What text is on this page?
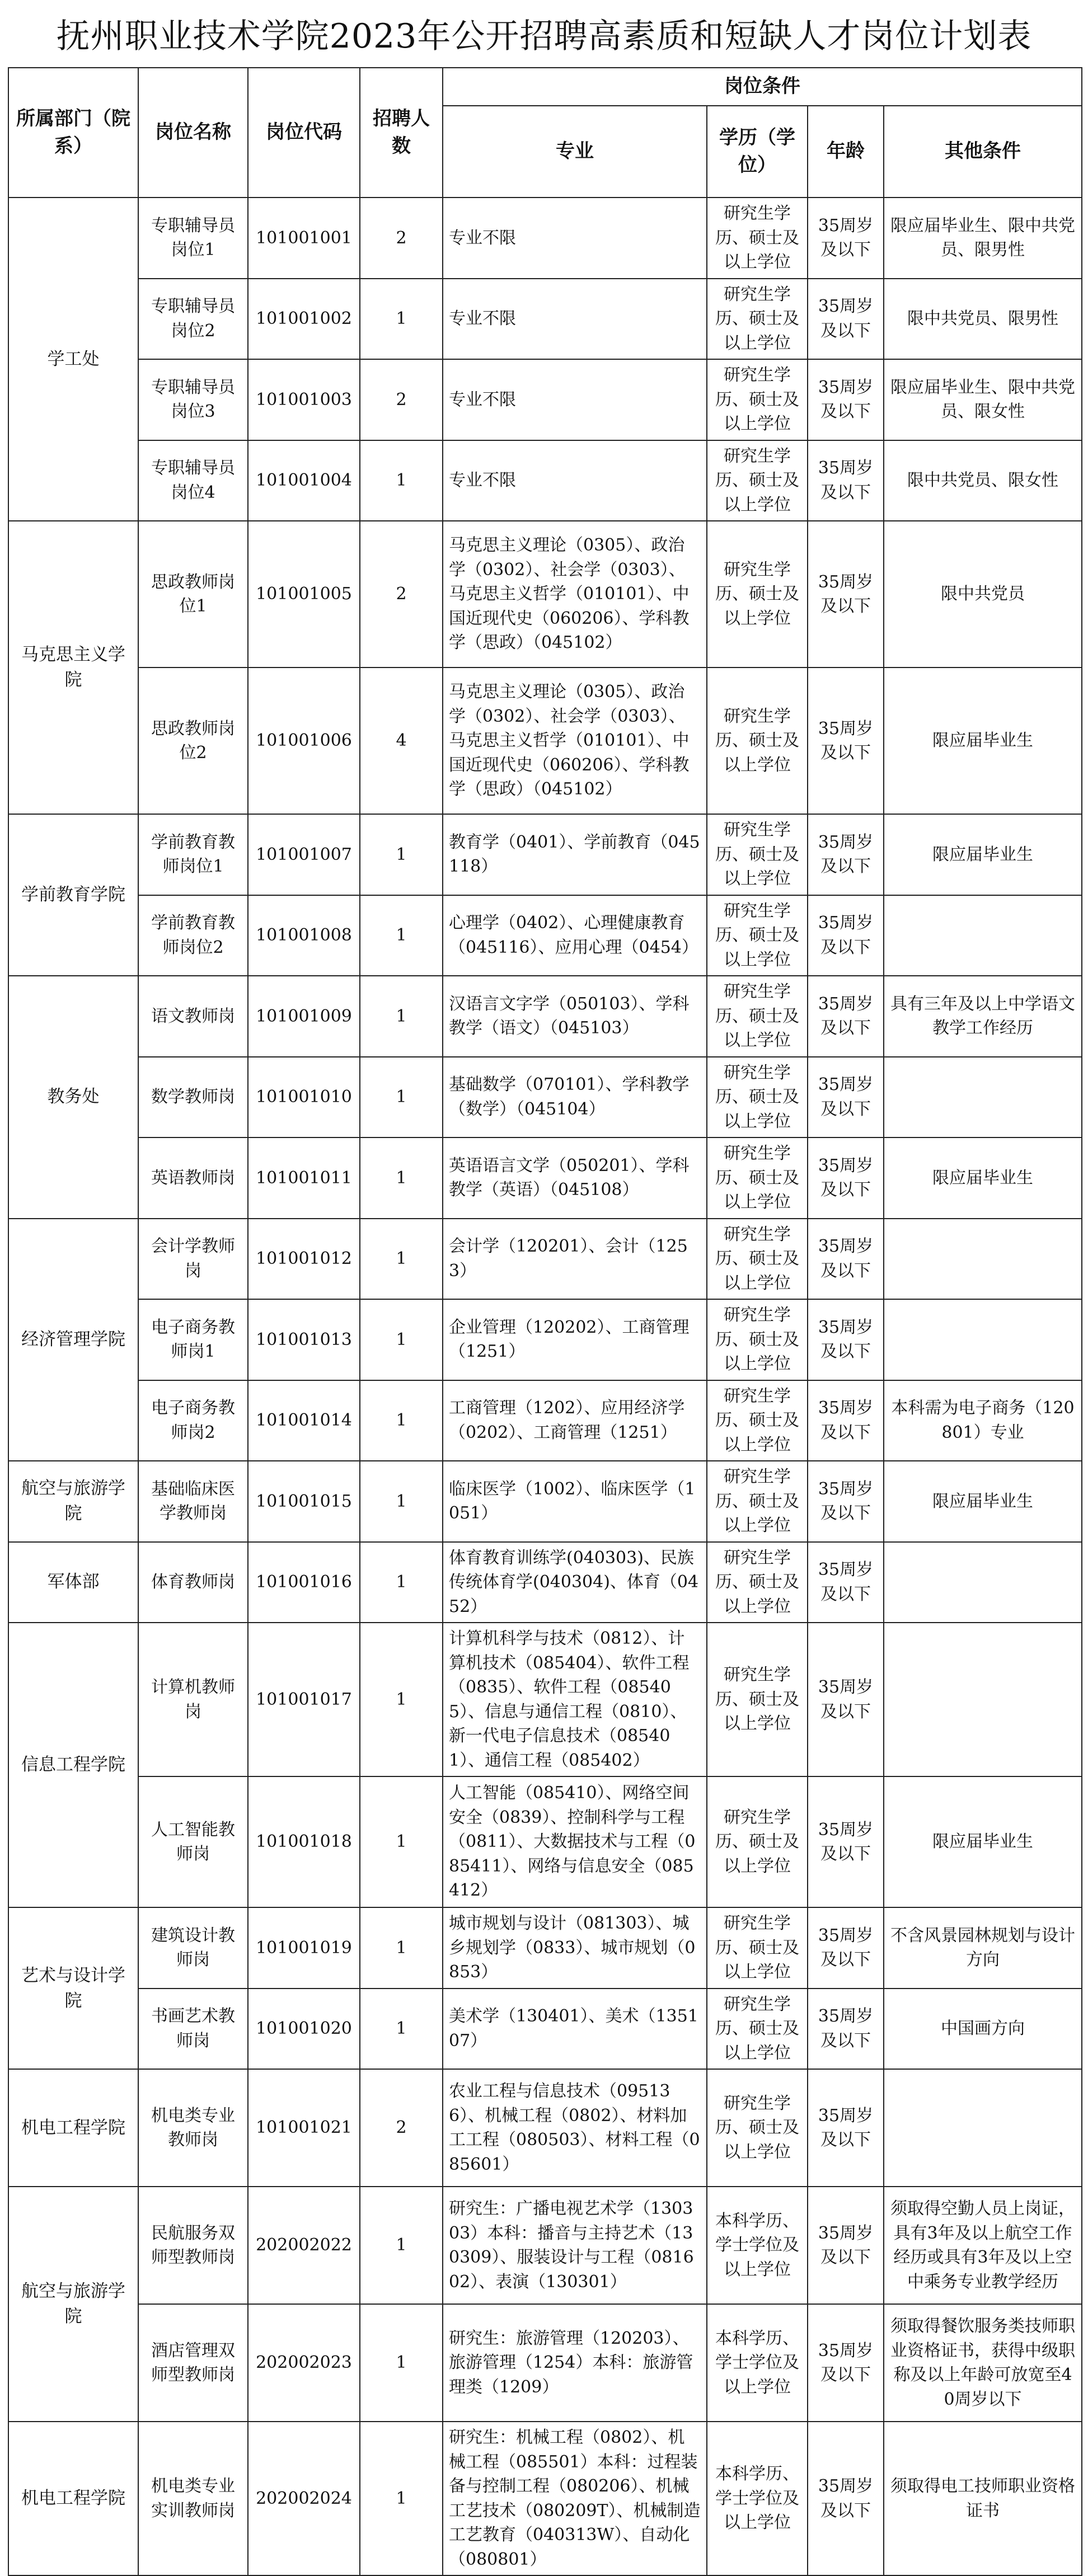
抚州职业技术学院2023年公开招聘高素质和短缺人才岗位计划表
所属部门（院系）	岗位名称	岗位代码	招聘人数	岗位条件			
				专业	学历（学位）	年龄	其他条件
学工处	专职辅导员岗位1	101001001	2	专业不限	研究生学历、硕士及以上学位	35周岁及以下	限应届毕业生、限中共党员、限男性
	专职辅导员岗位2	101001002	1	专业不限	研究生学历、硕士及以上学位	35周岁及以下	限中共党员、限男性
	专职辅导员岗位3	101001003	2	专业不限	研究生学历、硕士及以上学位	35周岁及以下	限应届毕业生、限中共党员、限女性
	专职辅导员岗位4	101001004	1	专业不限	研究生学历、硕士及以上学位	35周岁及以下	限中共党员、限女性
马克思主义学院	思政教师岗位1	101001005	2	马克思主义理论（0305）、政治学（0302）、社会学（0303）、马克思主义哲学（010101）、中国近现代史（060206）、学科教学（思政）（045102）	研究生学历、硕士及以上学位	35周岁及以下	限中共党员
	思政教师岗位2	101001006	4	马克思主义理论（0305）、政治学（0302）、社会学（0303）、马克思主义哲学（010101）、中国近现代史（060206）、学科教学（思政）（045102）	研究生学历、硕士及以上学位	35周岁及以下	限应届毕业生
学前教育学院	学前教育教师岗位1	101001007	1	教育学（0401）、学前教育（045118）	研究生学历、硕士及以上学位	35周岁及以下	限应届毕业生
	学前教育教师岗位2	101001008	1	心理学（0402）、心理健康教育（045116）、应用心理（0454）	研究生学历、硕士及以上学位	35周岁及以下	
教务处	语文教师岗	101001009	1	汉语言文字学（050103）、学科教学（语文）（045103）	研究生学历、硕士及以上学位	35周岁及以下	具有三年及以上中学语文教学工作经历
	数学教师岗	101001010	1	基础数学（070101）、学科教学（数学）（045104）	研究生学历、硕士及以上学位	35周岁及以下	
	英语教师岗	101001011	1	英语语言文学（050201）、学科教学（英语）（045108）	研究生学历、硕士及以上学位	35周岁及以下	限应届毕业生
经济管理学院	会计学教师岗	101001012	1	会计学（120201）、会计（1253）	研究生学历、硕士及以上学位	35周岁及以下	
	电子商务教师岗1	101001013	1	企业管理（120202）、工商管理（1251）	研究生学历、硕士及以上学位	35周岁及以下	
	电子商务教师岗2	101001014	1	工商管理（1202）、应用经济学（0202）、工商管理（1251）	研究生学历、硕士及以上学位	35周岁及以下	本科需为电子商务（120801）专业
航空与旅游学院	基础临床医学教师岗	101001015	1	临床医学（1002）、临床医学（1051）	研究生学历、硕士及以上学位	35周岁及以下	限应届毕业生
军体部	体育教师岗	101001016	1	体育教育训练学(040303)、民族传统体育学(040304)、体育（0452）	研究生学历、硕士及以上学位	35周岁及以下	
信息工程学院	计算机教师岗	101001017	1	计算机科学与技术（0812）、计算机技术（085404）、软件工程（0835）、软件工程（085405）、信息与通信工程（0810）、新一代电子信息技术（085401）、通信工程（085402）	研究生学历、硕士及以上学位	35周岁及以下	
	人工智能教师岗	101001018	1	人工智能（085410）、网络空间安全（0839）、控制科学与工程（0811）、大数据技术与工程（085411）、网络与信息安全（085412）	研究生学历、硕士及以上学位	35周岁及以下	限应届毕业生
艺术与设计学院	建筑设计教师岗	101001019	1	城市规划与设计（081303）、城乡规划学（0833）、城市规划（0853）	研究生学历、硕士及以上学位	35周岁及以下	不含风景园林规划与设计方向
	书画艺术教师岗	101001020	1	美术学（130401）、美术（135107）	研究生学历、硕士及以上学位	35周岁及以下	中国画方向
机电工程学院	机电类专业教师岗	101001021	2	农业工程与信息技术（095136）、机械工程（0802）、材料加工工程（080503）、材料工程（085601）	研究生学历、硕士及以上学位	35周岁及以下	
航空与旅游学院	民航服务双师型教师岗	202002022	1	研究生：广播电视艺术学（130303）本科：播音与主持艺术（130309）、服装设计与工程（081602）、表演（130301）	本科学历、学士学位及以上学位	35周岁及以下	须取得空勤人员上岗证，具有3年及以上航空工作经历或具有3年及以上空中乘务专业教学经历
	酒店管理双师型教师岗	202002023	1	研究生：旅游管理（120203）、旅游管理（1254）本科：旅游管理类（1209）	本科学历、学士学位及以上学位	35周岁及以下	须取得餐饮服务类技师职业资格证书，获得中级职称及以上年龄可放宽至40周岁以下
机电工程学院	机电类专业实训教师岗	202002024	1	研究生：机械工程（0802）、机械工程（085501）本科：过程装备与控制工程（080206）、机械工艺技术（080209T）、机械制造工艺教育（040313W）、自动化（080801）	本科学历、学士学位及以上学位	35周岁及以下	须取得电工技师职业资格证书
